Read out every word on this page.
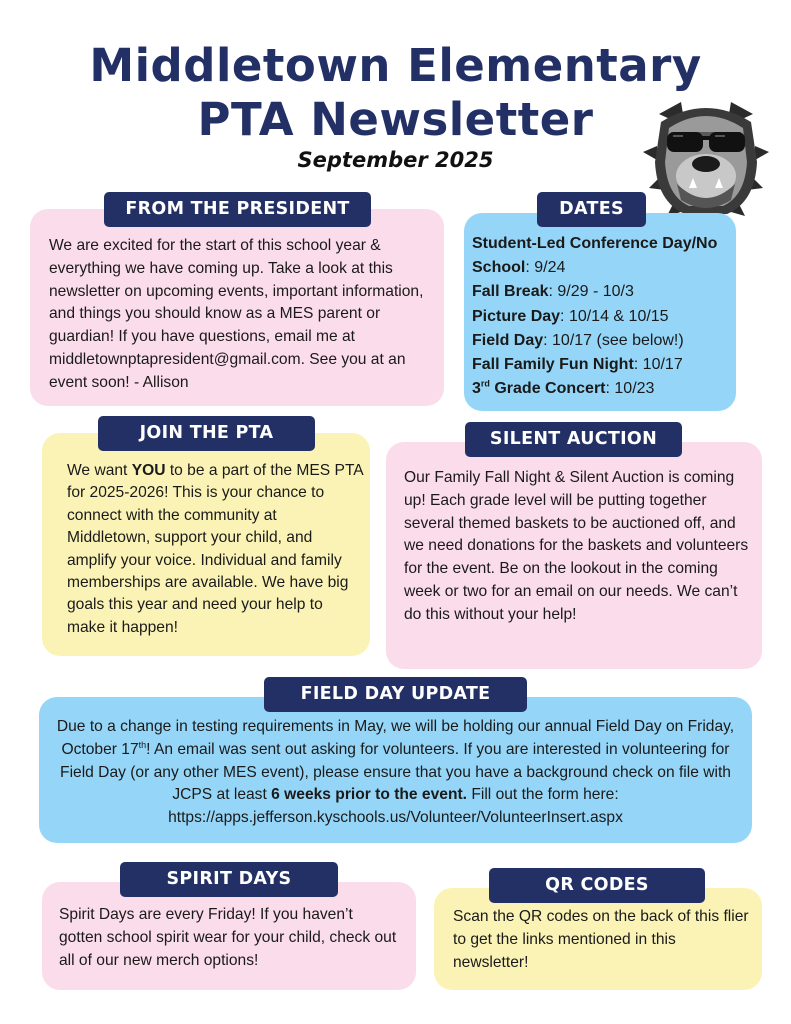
Middletown Elementary
PTA Newsletter
September 2025
FROM THE PRESIDENT
We are excited for the start of this school year & everything we have coming up. Take a look at this newsletter on upcoming events, important information, and things you should know as a MES parent or guardian! If you have questions, email me at middletownptapresident@gmail.com. See you at an event soon! - Allison
DATES
Student-Led Conference Day/No School: 9/24
Fall Break: 9/29 - 10/3
Picture Day: 10/14 & 10/15
Field Day: 10/17 (see below!)
Fall Family Fun Night: 10/17
3rd Grade Concert: 10/23
JOIN THE PTA
We want YOU to be a part of the MES PTA for 2025-2026! This is your chance to connect with the community at Middletown, support your child, and amplify your voice. Individual and family memberships are available. We have big goals this year and need your help to make it happen!
SILENT AUCTION
Our Family Fall Night & Silent Auction is coming up! Each grade level will be putting together several themed baskets to be auctioned off, and we need donations for the baskets and volunteers for the event. Be on the lookout in the coming week or two for an email on our needs. We can’t do this without your help!
FIELD DAY UPDATE
Due to a change in testing requirements in May, we will be holding our annual Field Day on Friday, October 17th! An email was sent out asking for volunteers. If you are interested in volunteering for Field Day (or any other MES event), please ensure that you have a background check on file with JCPS at least 6 weeks prior to the event. Fill out the form here: https://apps.jefferson.kyschools.us/Volunteer/VolunteerInsert.aspx
SPIRIT DAYS
Spirit Days are every Friday! If you haven’t gotten school spirit wear for your child, check out all of our new merch options!
QR CODES
Scan the QR codes on the back of this flier to get the links mentioned in this newsletter!
